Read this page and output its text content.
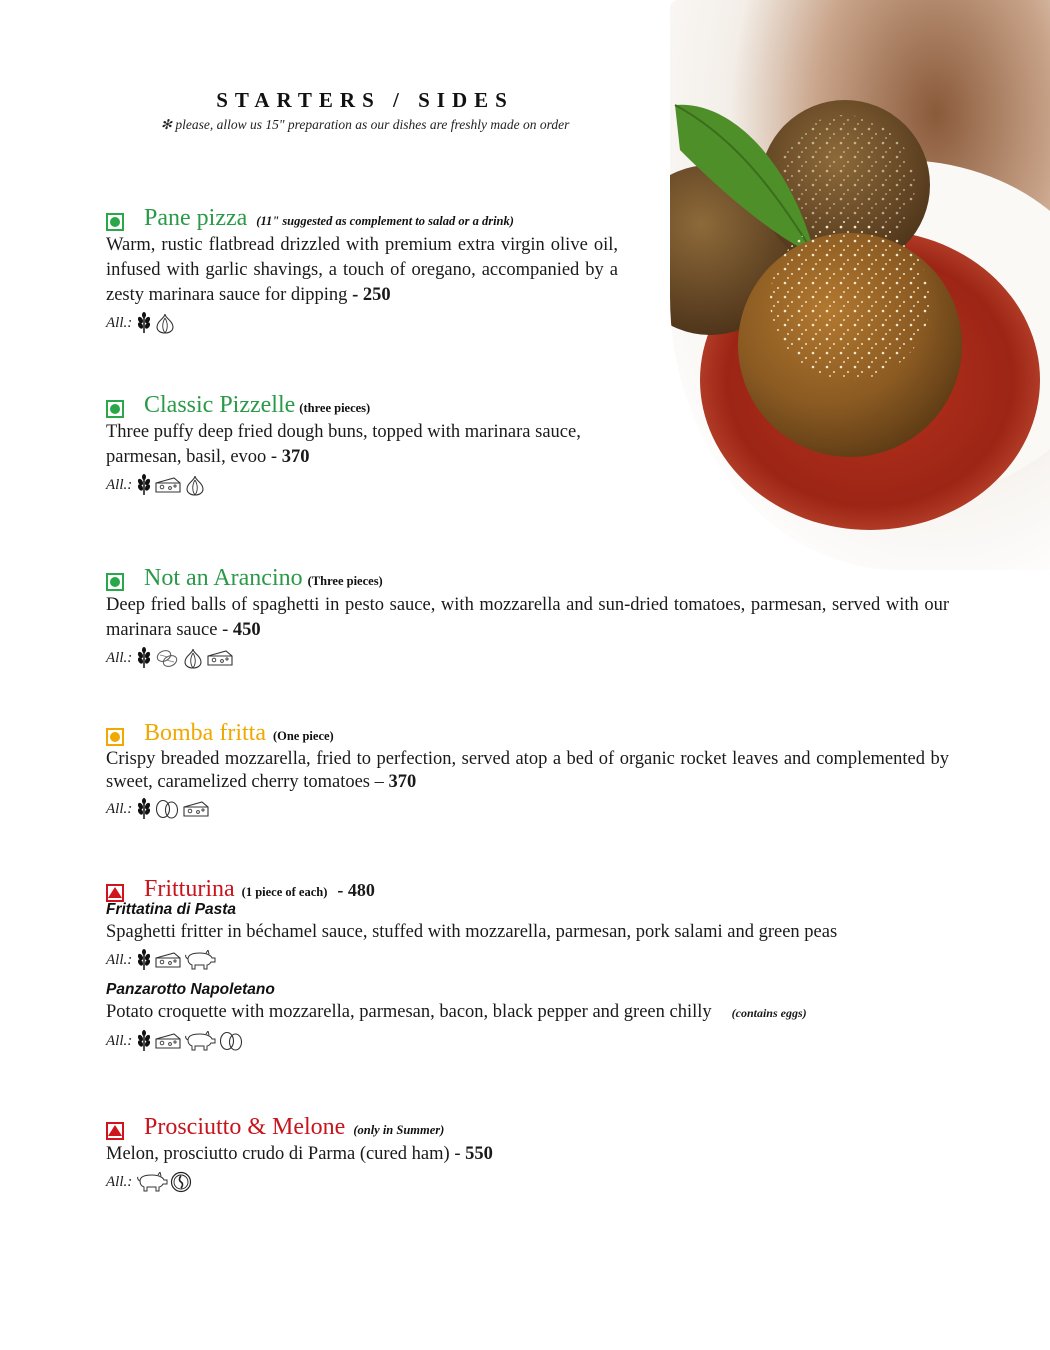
STARTERS / SIDES
✻ please, allow us 15" preparation as our dishes are freshly made on order
Pane pizza (11" suggested as complement to salad or a drink)
Warm, rustic flatbread drizzled with premium extra virgin olive oil, infused with garlic shavings, a touch of oregano, accompanied by a zesty marinara sauce for dipping - 250
All.:
Classic Pizzelle (three pieces)
Three puffy deep fried dough buns, topped with marinara sauce, parmesan, basil, evoo - 370
All.:
Not an Arancino (Three pieces)
Deep fried balls of spaghetti in pesto sauce, with mozzarella and sun-dried tomatoes, parmesan, served with our marinara sauce - 450
All.:
Bomba fritta (One piece)
Crispy breaded mozzarella, fried to perfection, served atop a bed of organic rocket leaves and complemented by sweet, caramelized cherry tomatoes – 370
All.:
Fritturina (1 piece of each) - 480
Frittatina di Pasta
Spaghetti fritter in béchamel sauce, stuffed with mozzarella, parmesan, pork salami and green peas
All.:
Panzarotto Napoletano
Potato croquette with mozzarella, parmesan, bacon, black pepper and green chilly (contains eggs)
All.:
Prosciutto & Melone (only in Summer)
Melon, prosciutto crudo di Parma (cured ham) - 550
All.:
